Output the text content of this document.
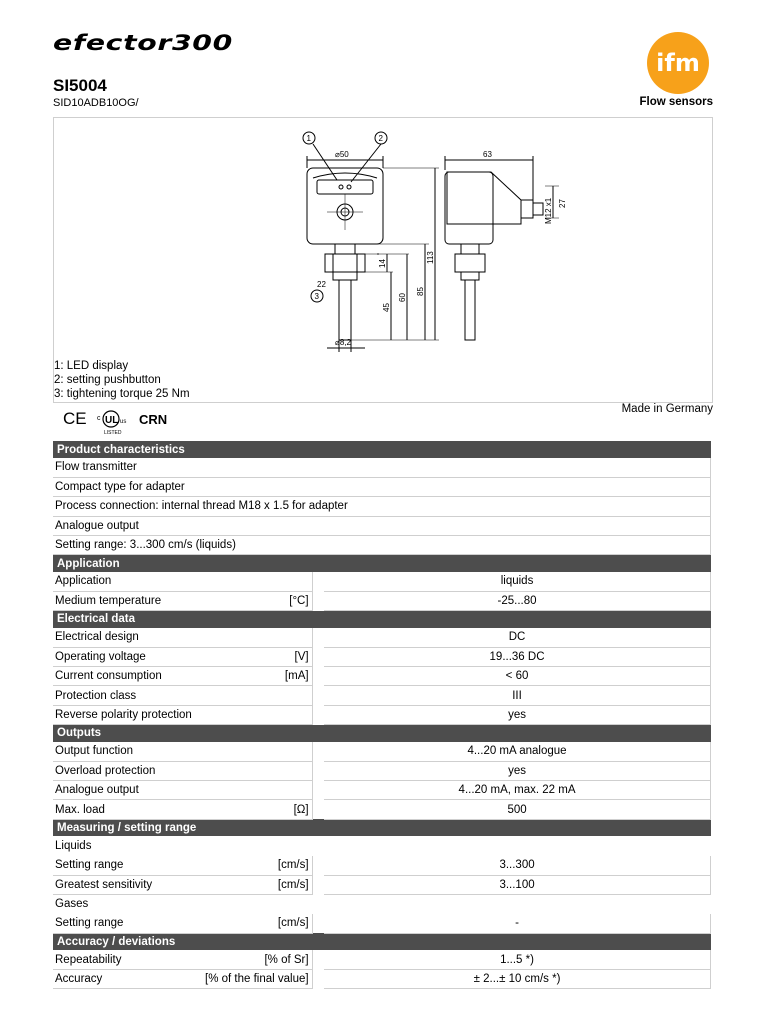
efector300
ifm
SI5004
SID10ADB10OG/	Flow sensors
1	2
3
⌀50
⌀8,2
22
63
14
45
60
85
113
M12 x1 27
1: LED display
2: setting pushbutton
3: tightening torque 25 Nm
CE c UL us
LISTED
CRN
Made in Germany
Product characteristics			
Flow transmitter			
Compact type for adapter			
Process connection: internal thread M18 x 1.5 for adapter			
Analogue output			
Setting range: 3...300 cm/s (liquids)			
Application			
Application			liquids
Medium temperature	[°C]		-25...80
Electrical data			
Electrical design			DC
Operating voltage	[V]		19...36 DC
Current consumption	[mA]		< 60
Protection class			III
Reverse polarity protection			yes
Outputs			
Output function			4...20 mA analogue
Overload protection			yes
Analogue output			4...20 mA, max. 22 mA
Max. load	[Ω]		500
Measuring / setting range			
Liquids			
Setting range	[cm/s]		3...300
Greatest sensitivity	[cm/s]		3...100
Gases			
Setting range	[cm/s]		-
Accuracy / deviations			
Repeatability	[% of Sr]		1...5 *)
Accuracy	[% of the final value]		± 2...± 10 cm/s *)
